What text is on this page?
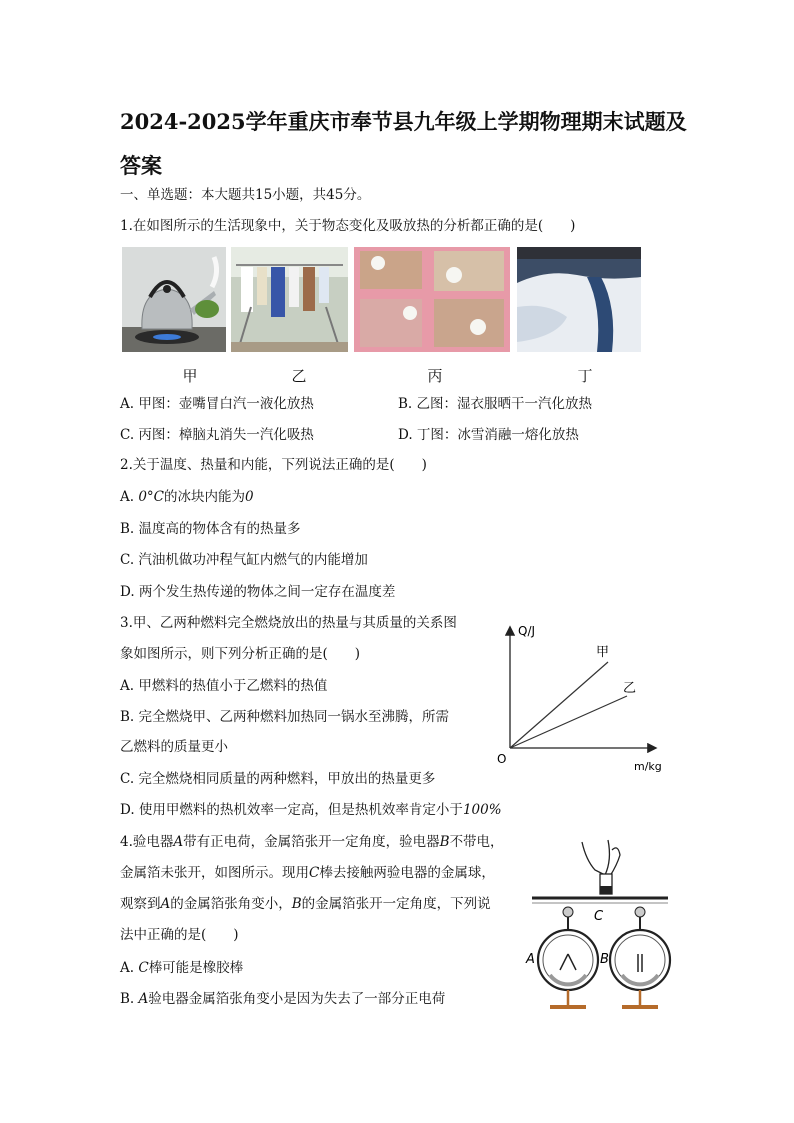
2024-2025学年重庆市奉节县九年级上学期物理期末试题及答案
一、单选题：本大题共15小题，共45分。
1.在如图所示的生活现象中，关于物态变化及吸放热的分析都正确的是(　　)
甲	乙	丙	丁
A. 甲图：壶嘴冒白汽一液化放热	B. 乙图：湿衣服晒干一汽化放热
C. 丙图：樟脑丸消失一汽化吸热	D. 丁图：冰雪消融一熔化放热
2.关于温度、热量和内能，下列说法正确的是(　　)
A. 0°C的冰块内能为0
B. 温度高的物体含有的热量多
C. 汽油机做功冲程气缸内燃气的内能增加
D. 两个发生热传递的物体之间一定存在温度差
3.甲、乙两种燃料完全燃烧放出的热量与其质量的关系图
象如图所示，则下列分析正确的是(　　)
A. 甲燃料的热值小于乙燃料的热值
B. 完全燃烧甲、乙两种燃料加热同一锅水至沸腾，所需
乙燃料的质量更小
C. 完全燃烧相同质量的两种燃料，甲放出的热量更多
D. 使用甲燃料的热机效率一定高，但是热机效率肯定小于100%
Q/J
m/kg
O
甲
乙
4.验电器A带有正电荷，金属箔张开一定角度，验电器B不带电，
金属箔未张开，如图所示。现用C棒去接触两验电器的金属球，
观察到A的金属箔张角变小，B的金属箔张开一定角度，下列说
法中正确的是(　　)
A. C棒可能是橡胶棒
B. A验电器金属箔张角变小是因为失去了一部分正电荷
C
A	B
